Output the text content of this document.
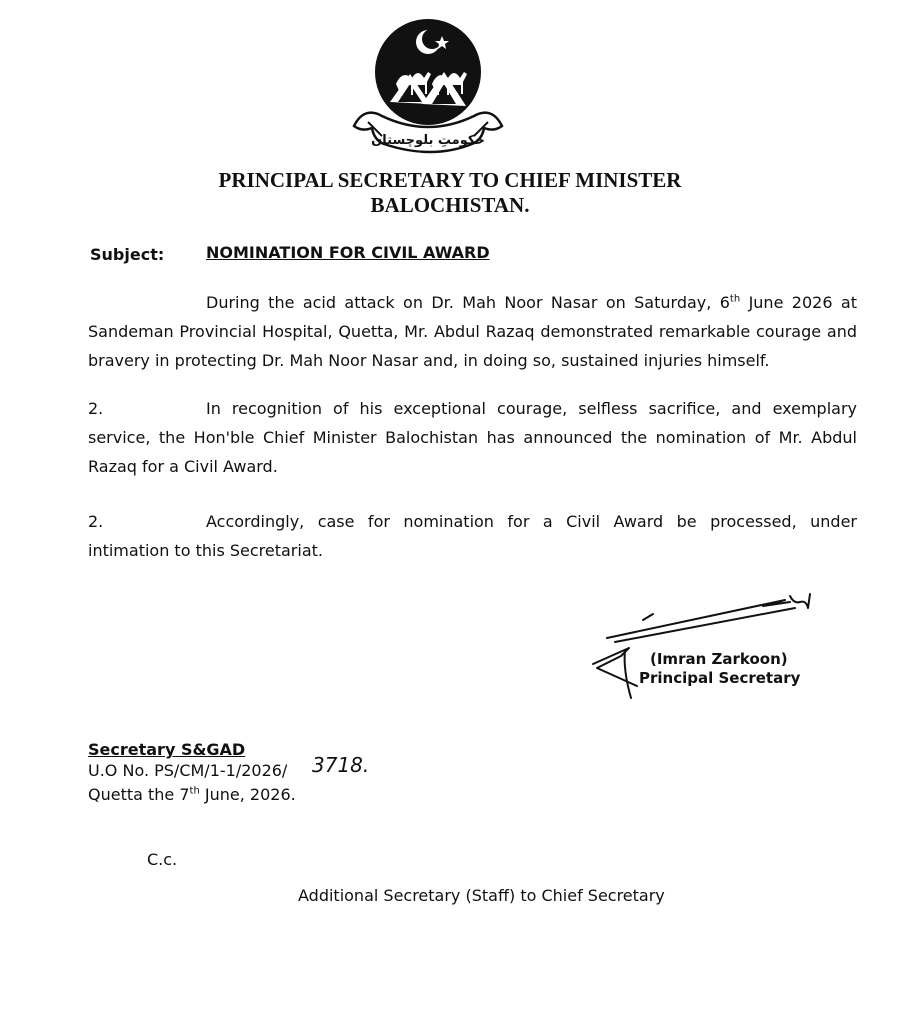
حکومتِ بلوچستان
PRINCIPAL SECRETARY TO CHIEF MINISTER
BALOCHISTAN.
Subject:	NOMINATION FOR CIVIL AWARD
During the acid attack on Dr. Mah Noor Nasar on Saturday, 6th June 2026 at Sandeman Provincial Hospital, Quetta, Mr. Abdul Razaq demonstrated remarkable courage and bravery in protecting Dr. Mah Noor Nasar and, in doing so, sustained injuries himself.
2.	In recognition of his exceptional courage, selfless sacrifice, and exemplary service, the Hon'ble Chief Minister Balochistan has announced the nomination of Mr. Abdul Razaq for a Civil Award.
2.	Accordingly, case for nomination for a Civil Award be processed, under intimation to this Secretariat.
(Imran Zarkoon)
Principal Secretary
Secretary S&GAD
U.O No. PS/CM/1-1/2026/ 3718.
Quetta the 7th June, 2026.
C.c.
Additional Secretary (Staff) to Chief Secretary
